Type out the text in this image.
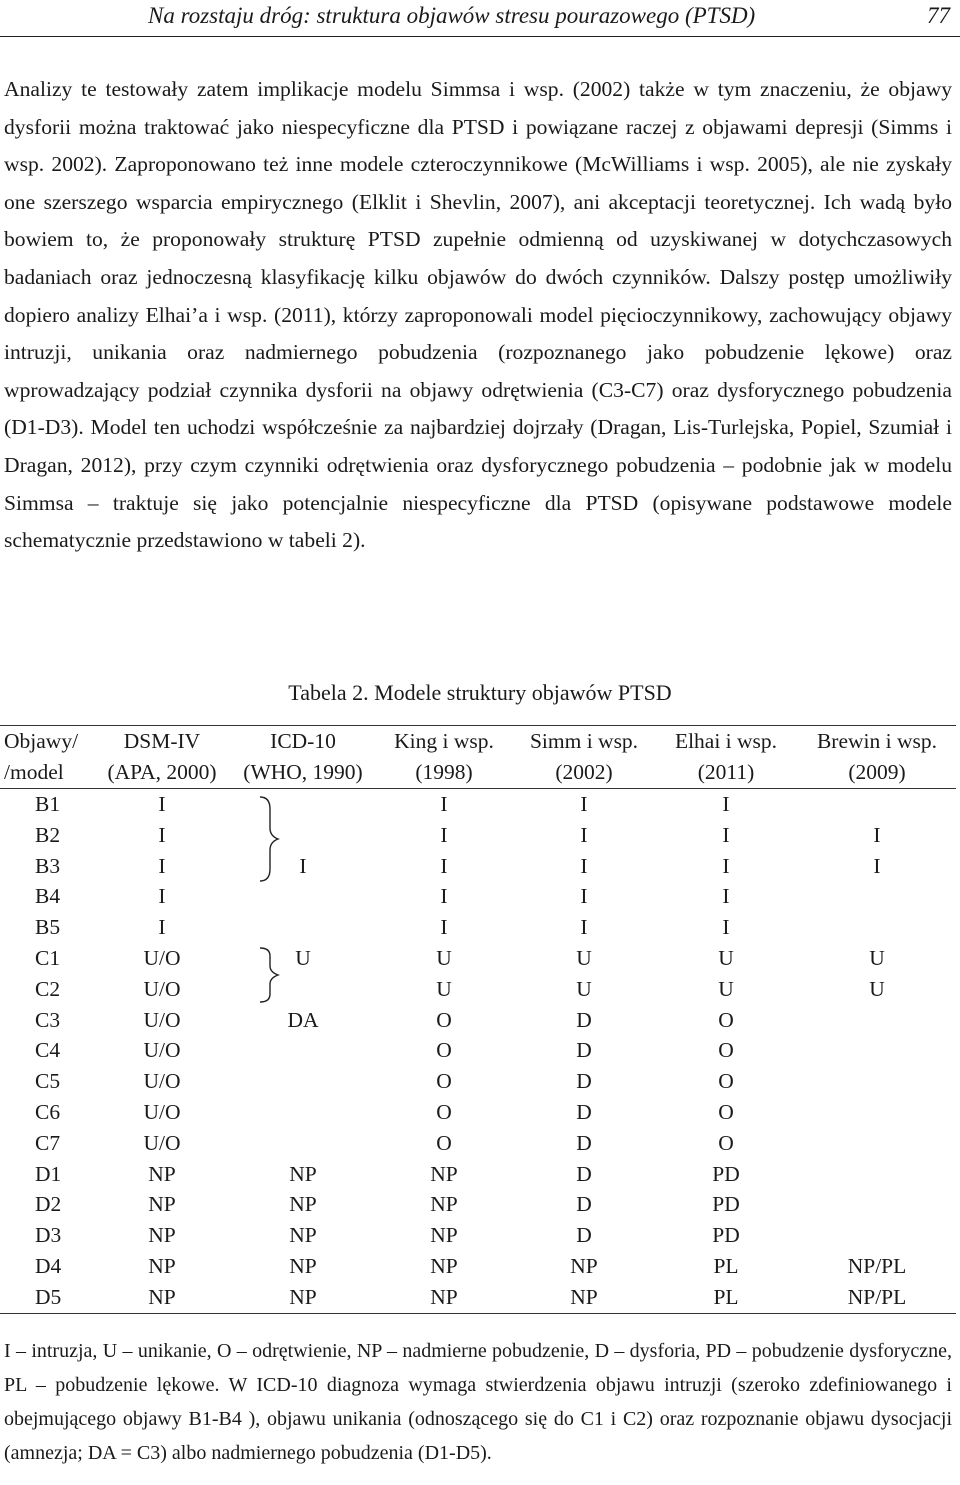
Na rozstaju dróg: struktura objawów stresu pourazowego (PTSD)	77
Analizy te testowały zatem implikacje modelu Simmsa i wsp. (2002) także w tym znaczeniu, że objawy dysforii można traktować jako niespecyficzne dla PTSD i powiązane raczej z objawami depresji (Simms i wsp. 2002). Zaproponowano też inne modele czteroczynnikowe (McWilliams i wsp. 2005), ale nie zyskały one szerszego wsparcia empirycznego (Elklit i Shevlin, 2007), ani akceptacji teoretycznej. Ich wadą było bowiem to, że proponowały strukturę PTSD zupełnie odmienną od uzyskiwanej w dotychczasowych badaniach oraz jednoczesną klasyfikację kilku objawów do dwóch czynników. Dalszy postęp umożliwiły dopiero analizy Elhai’a i wsp. (2011), którzy zaproponowali model pięcioczynnikowy, zachowujący objawy intruzji, unikania oraz nadmiernego pobudzenia (rozpoznanego jako pobudzenie lękowe) oraz wprowadzający podział czynnika dysforii na objawy odrętwienia (C3-C7) oraz dysforycznego pobudzenia (D1-D3). Model ten uchodzi współcześnie za najbardziej dojrzały (Dragan, Lis-Turlejska, Popiel, Szumiał i Dragan, 2012), przy czym czynniki odrętwienia oraz dysforycznego pobudzenia – podobnie jak w modelu Simmsa – traktuje się jako potencjalnie niespecyficzne dla PTSD (opisywane podstawowe modele schematycznie przedstawiono w tabeli 2).
Tabela 2. Modele struktury objawów PTSD
Objawy/	DSM-IV	ICD-10	King i wsp.	Simm i wsp.	Elhai i wsp.	Brewin i wsp.
/model	(APA, 2000)	(WHO, 1990)	(1998)	(2002)	(2011)	(2009)
B1	I		I	I	I	
B2	I		I	I	I	I
B3	I	I	I	I	I	I
B4	I		I	I	I	
B5	I		I	I	I	
C1	U/O	U	U	U	U	U
C2	U/O		U	U	U	U
C3	U/O	DA	O	D	O	
C4	U/O		O	D	O	
C5	U/O		O	D	O	
C6	U/O		O	D	O	
C7	U/O		O	D	O	
D1	NP	NP	NP	D	PD	
D2	NP	NP	NP	D	PD	
D3	NP	NP	NP	D	PD	
D4	NP	NP	NP	NP	PL	NP/PL
D5	NP	NP	NP	NP	PL	NP/PL
I – intruzja, U – unikanie, O – odrętwienie, NP – nadmierne pobudzenie, D – dysforia, PD – pobudzenie dysforyczne, PL – pobudzenie lękowe. W ICD-10 diagnoza wymaga stwierdzenia objawu intruzji (szeroko zdefiniowanego i obejmującego objawy B1-B4 ), objawu unikania (odnoszącego się do C1 i C2) oraz rozpoznanie objawu dysocjacji (amnezja; DA = C3) albo nadmiernego pobudzenia (D1-D5).
